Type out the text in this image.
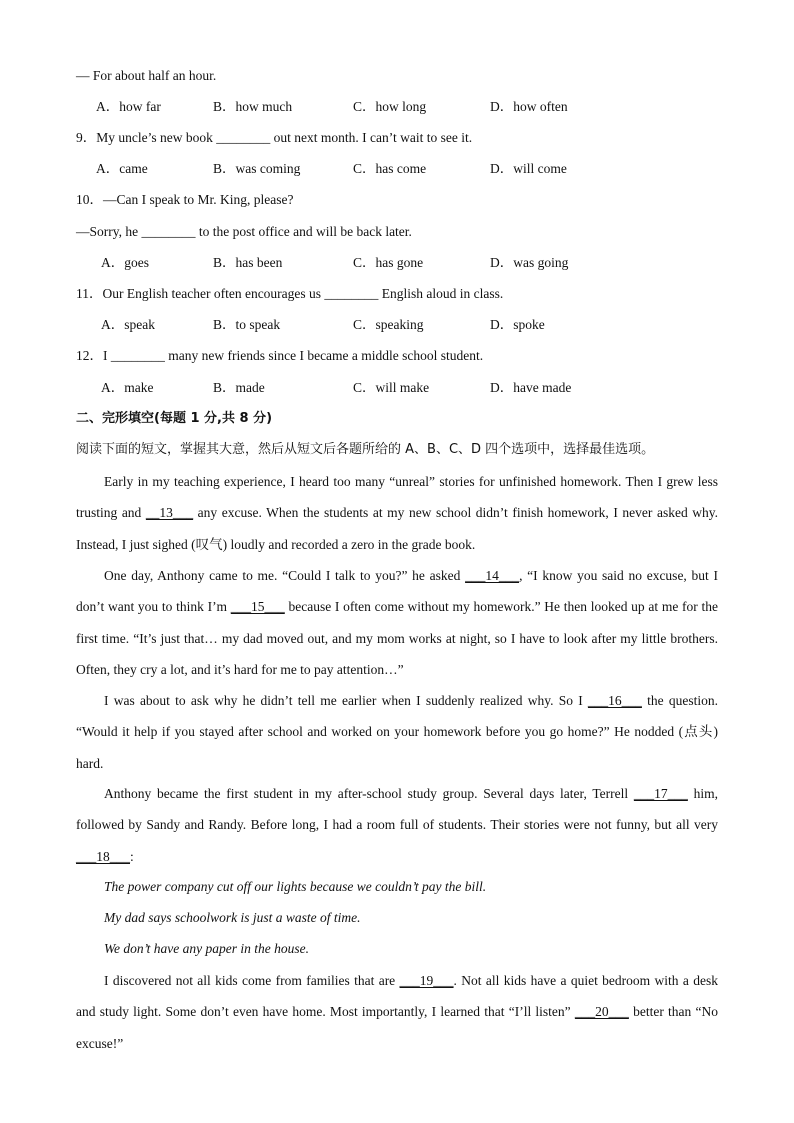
— For about half an hour.
A．how far	B．how much	C．how long	D．how often
9．My uncle’s new book ________ out next month. I can’t wait to see it.
A．came	B．was coming	C．has come	D．will come
10．—Can I speak to Mr. King, please?
—Sorry, he ________ to the post office and will be back later.
A．goes	B．has been	C．has gone	D．was going
11．Our English teacher often encourages us ________ English aloud in class.
A．speak	B．to speak	C．speaking	D．spoke
12．I ________ many new friends since I became a middle school student.
A．make	B．made	C．will make	D．have made
二、完形填空(每题 1 分,共 8 分)
阅读下面的短文，掌握其大意，然后从短文后各题所给的 A、B、C、D 四个选项中，选择最佳选项。
Early in my teaching experience, I heard too many “unreal” stories for unfinished homework. Then I grew less trusting and __13___ any excuse. When the students at my new school didn’t finish homework, I never asked why. Instead, I just sighed (叹气) loudly and recorded a zero in the grade book.
One day, Anthony came to me. “Could I talk to you?” he asked ___14___, “I know you said no excuse, but I don’t want you to think I’m ___15___ because I often come without my homework.” He then looked up at me for the first time. “It’s just that… my dad moved out, and my mom works at night, so I have to look after my little brothers. Often, they cry a lot, and it’s hard for me to pay attention…”
I was about to ask why he didn’t tell me earlier when I suddenly realized why. So I ___16___ the question. “Would it help if you stayed after school and worked on your homework before you go home?” He nodded (点头) hard.
Anthony became the first student in my after-school study group. Several days later, Terrell ___17___ him, followed by Sandy and Randy. Before long, I had a room full of students. Their stories were not funny, but all very ___18___:
The power company cut off our lights because we couldn’t pay the bill.
My dad says schoolwork is just a waste of time.
We don’t have any paper in the house.
I discovered not all kids come from families that are ___19___. Not all kids have a quiet bedroom with a desk and study light. Some don’t even have home. Most importantly, I learned that “I’ll listen” ___20___ better than “No excuse!”
